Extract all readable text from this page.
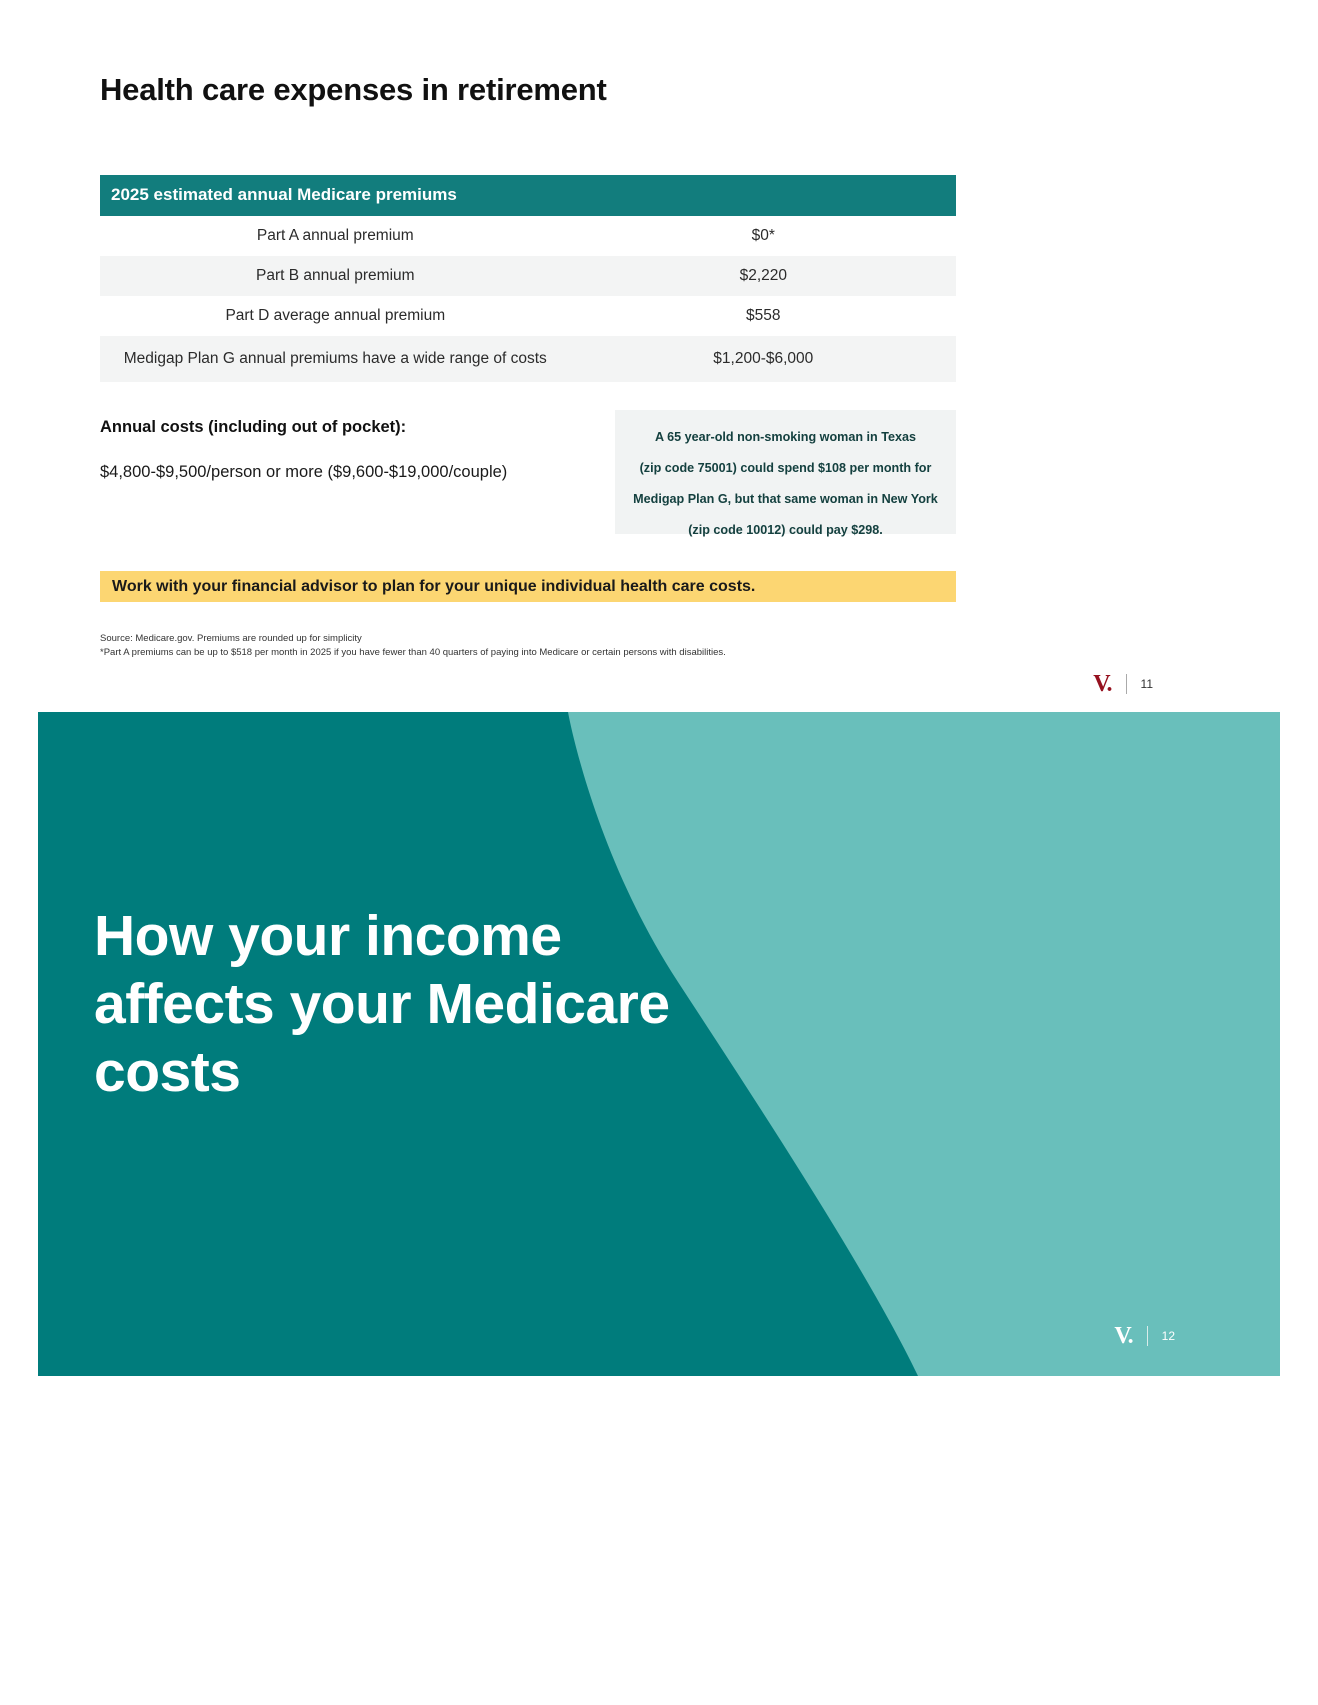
Health care expenses in retirement
2025 estimated annual Medicare premiums	
Part A annual premium	$0*
Part B annual premium	$2,220
Part D average annual premium	$558
Medigap Plan G annual premiums have a wide range of costs	$1,200-$6,000
Annual costs (including out of pocket):
$4,800-$9,500/person or more ($9,600-$19,000/couple)

A 65 year-old non-smoking woman in Texas

(zip code 75001) could spend $108 per month for

Medigap Plan G, but that same woman in New York

(zip code 10012) could pay $298.

Work with your financial advisor to plan for your unique individual health care costs.
Source: Medicare.gov. Premiums are rounded up for simplicity
*Part A premiums can be up to $518 per month in 2025 if you have fewer than 40 quarters of paying into Medicare or certain persons with disabilities.
V. 11
How your income affects your Medicare costs
V. 12
